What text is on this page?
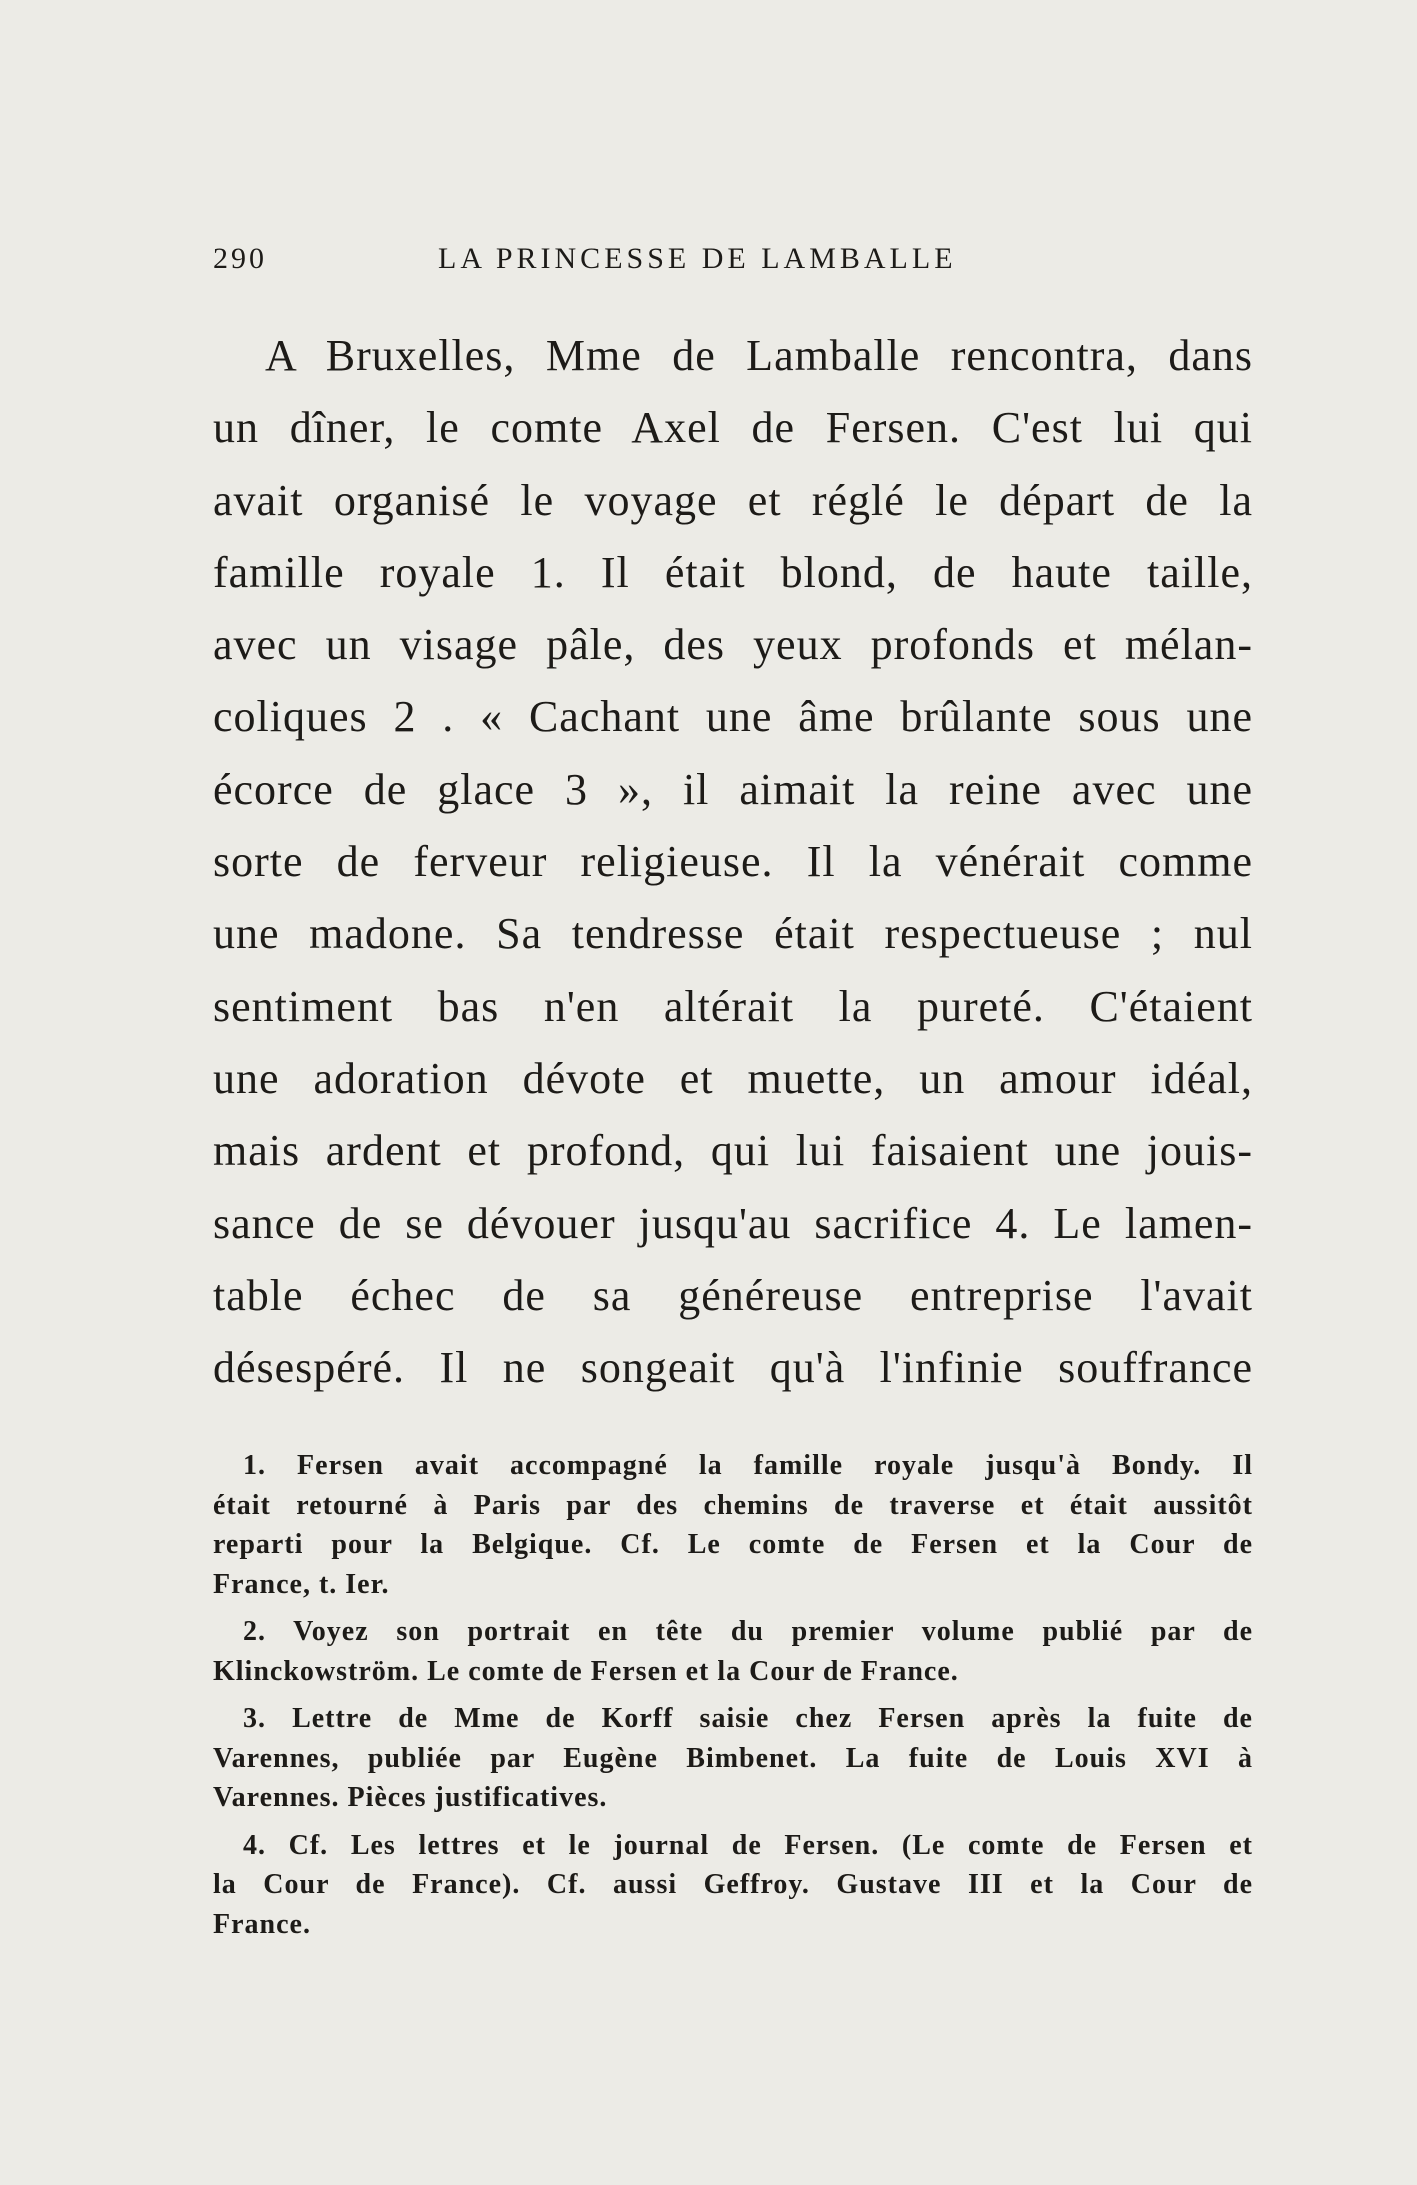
290	LA PRINCESSE DE LAMBALLE
A Bruxelles, Mme de Lamballe rencontra, dans
un dîner, le comte Axel de Fersen. C'est lui qui
avait organisé le voyage et réglé le départ de la
famille royale 1. Il était blond, de haute taille,
avec un visage pâle, des yeux profonds et mélan-
coliques 2 . « Cachant une âme brûlante sous une
écorce de glace 3 », il aimait la reine avec une
sorte de ferveur religieuse. Il la vénérait comme
une madone. Sa tendresse était respectueuse ; nul
sentiment bas n'en altérait la pureté. C'étaient
une adoration dévote et muette, un amour idéal,
mais ardent et profond, qui lui faisaient une jouis-
sance de se dévouer jusqu'au sacrifice 4. Le lamen-
table échec de sa généreuse entreprise l'avait
désespéré. Il ne songeait qu'à l'infinie souffrance
1. Fersen avait accompagné la famille royale jusqu'à Bondy. Il
était retourné à Paris par des chemins de traverse et était aussitôt
reparti pour la Belgique. Cf. Le comte de Fersen et la Cour de
France, t. Ier.
2. Voyez son portrait en tête du premier volume publié par de
Klinckowström. Le comte de Fersen et la Cour de France.
3. Lettre de Mme de Korff saisie chez Fersen après la fuite de
Varennes, publiée par Eugène Bimbenet. La fuite de Louis XVI à
Varennes. Pièces justificatives.
4. Cf. Les lettres et le journal de Fersen. (Le comte de Fersen et
la Cour de France). Cf. aussi Geffroy. Gustave III et la Cour de
France.
